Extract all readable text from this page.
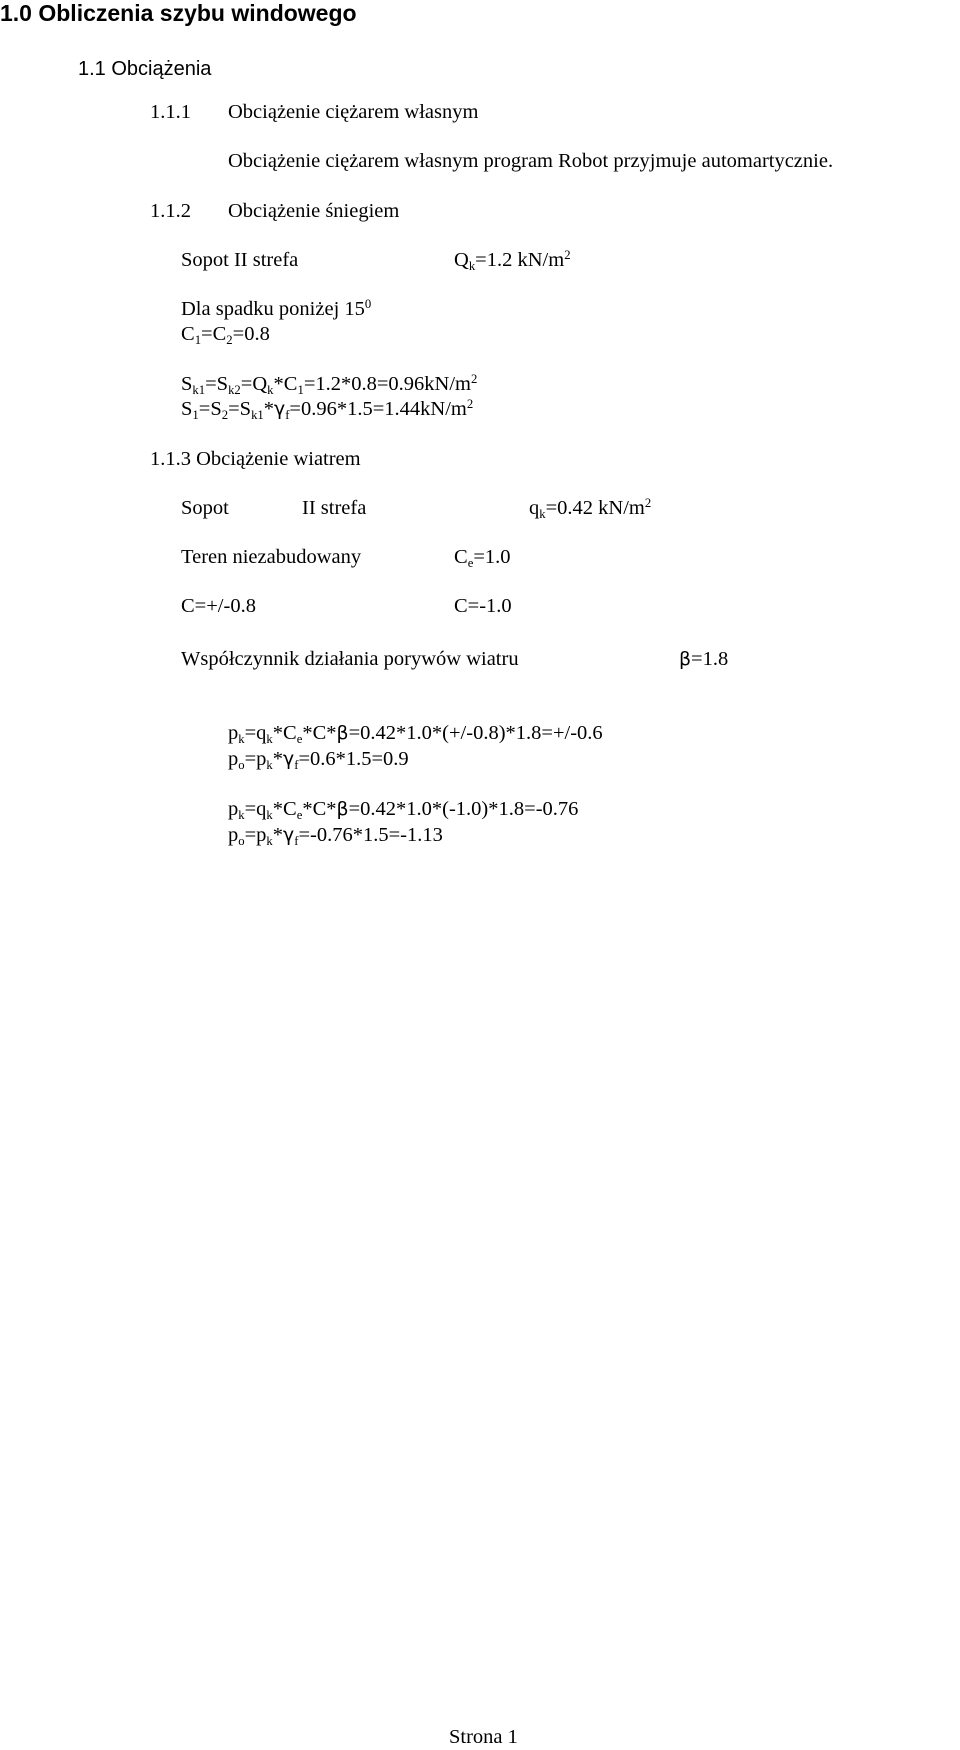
1.0 Obliczenia szybu windowego
1.1 Obciążenia
1.1.1 Obciążenie ciężarem własnym
Obciążenie ciężarem własnym program Robot przyjmuje automartycznie.
1.1.2 Obciążenie śniegiem
Sopot II strefa	$Q_k=1.2$ $kN/m^2$
Dla spadku poniżej $15^0$
$C_1=C_2=0.8$
$S_{k1}=S_{k2}=Q_k*C_1=1.2*0.8=0.96kN/m^2$
$S_1=S_2=S_{k1}*\gamma_f=0.96*1.5=1.44kN/m^2$
1.1.3 Obciążenie wiatrem
Sopot	II strefa	$q_k=0.42$ $kN/m^2$
Teren niezabudowany	$C_e=1.0$
C=+/-0.8	C=-1.0
Współczynnik działania porywów wiatru	β=1.8
$p_k=q_k*C_e*C*\beta=0.42*1.0*(+/-0.8)*1.8=+/-0.6$
$p_o=p_k*\gamma_f=0.6*1.5=0.9$
$p_k=q_k*C_e*C*\beta=0.42*1.0*(-1.0)*1.8=-0.76$
$p_o=p_k*\gamma_f=-0.76*1.5=-1.13$
Strona 1
